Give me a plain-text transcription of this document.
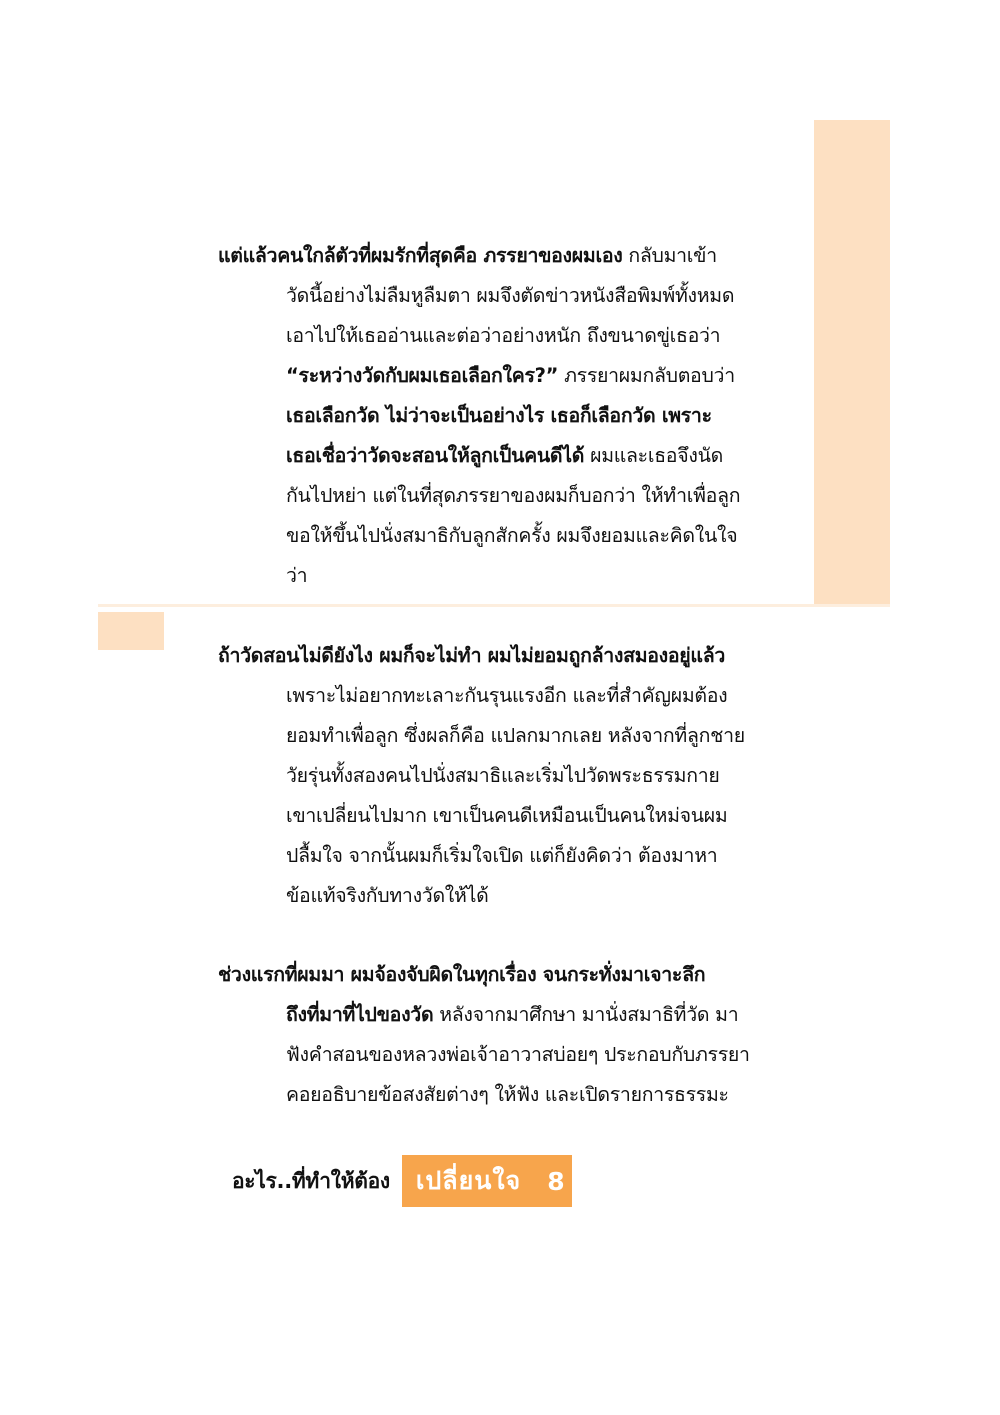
แต่แล้วคนใกล้ตัวที่ผมรักที่สุดคือ ภรรยาของผมเอง กลับมาเข้า
วัดนี้อย่างไม่ลืมหูลืมตา ผมจึงตัดข่าวหนังสือพิมพ์ทั้งหมด
เอาไปให้เธออ่านและต่อว่าอย่างหนัก ถึงขนาดขู่เธอว่า
“ระหว่างวัดกับผมเธอเลือกใคร?” ภรรยาผมกลับตอบว่า
เธอเลือกวัด ไม่ว่าจะเป็นอย่างไร เธอก็เลือกวัด เพราะ
เธอเชื่อว่าวัดจะสอนให้ลูกเป็นคนดีได้ ผมและเธอจึงนัด
กันไปหย่า แต่ในที่สุดภรรยาของผมก็บอกว่า ให้ทำเพื่อลูก
ขอให้ขึ้นไปนั่งสมาธิกับลูกสักครั้ง ผมจึงยอมและคิดในใจ
ว่า
ถ้าวัดสอนไม่ดียังไง ผมก็จะไม่ทำ ผมไม่ยอมถูกล้างสมองอยู่แล้ว
เพราะไม่อยากทะเลาะกันรุนแรงอีก และที่สำคัญผมต้อง
ยอมทำเพื่อลูก ซึ่งผลก็คือ แปลกมากเลย หลังจากที่ลูกชาย
วัยรุ่นทั้งสองคนไปนั่งสมาธิและเริ่มไปวัดพระธรรมกาย
เขาเปลี่ยนไปมาก เขาเป็นคนดีเหมือนเป็นคนใหม่จนผม
ปลื้มใจ จากนั้นผมก็เริ่มใจเปิด แต่ก็ยังคิดว่า ต้องมาหา
ข้อแท้จริงกับทางวัดให้ได้
ช่วงแรกที่ผมมา ผมจ้องจับผิดในทุกเรื่อง จนกระทั่งมาเจาะลึก
ถึงที่มาที่ไปของวัด หลังจากมาศึกษา มานั่งสมาธิที่วัด มา
ฟังคำสอนของหลวงพ่อเจ้าอาวาสบ่อยๆ ประกอบกับภรรยา
คอยอธิบายข้อสงสัยต่างๆ ให้ฟัง และเปิดรายการธรรมะ
อะไร..ที่ทำให้ต้อง เปลี่ยนใจ 8
